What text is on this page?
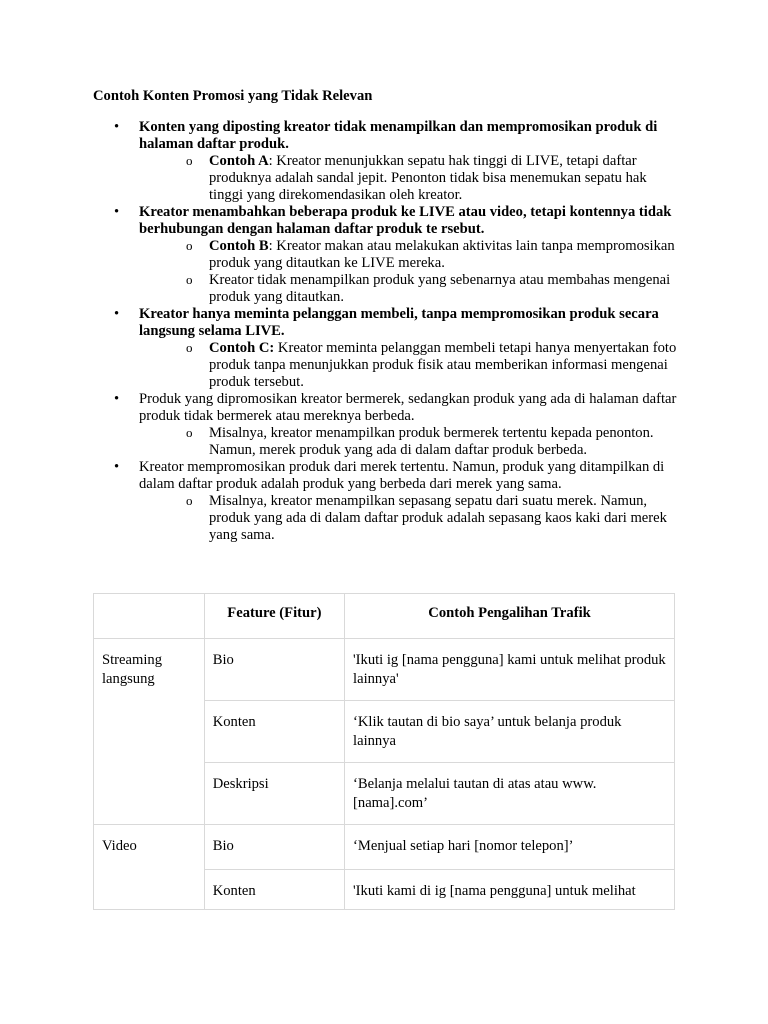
Contoh Konten Promosi yang Tidak Relevan

• Konten yang diposting kreator tidak menampilkan dan mempromosikan produk di halaman daftar produk.
o Contoh A: Kreator menunjukkan sepatu hak tinggi di LIVE, tetapi daftar produknya adalah sandal jepit. Penonton tidak bisa menemukan sepatu hak tinggi yang direkomendasikan oleh kreator.
• Kreator menambahkan beberapa produk ke LIVE atau video, tetapi kontennya tidak berhubungan dengan halaman daftar produk te rsebut.
o Contoh B: Kreator makan atau melakukan aktivitas lain tanpa mempromosikan produk yang ditautkan ke LIVE mereka.
o Kreator tidak menampilkan produk yang sebenarnya atau membahas mengenai produk yang ditautkan.
• Kreator hanya meminta pelanggan membeli, tanpa mempromosikan produk secara langsung selama LIVE.
o Contoh C: Kreator meminta pelanggan membeli tetapi hanya menyertakan foto produk tanpa menunjukkan produk fisik atau memberikan informasi mengenai produk tersebut.
• Produk yang dipromosikan kreator bermerek, sedangkan produk yang ada di halaman daftar produk tidak bermerek atau mereknya berbeda.
o Misalnya, kreator menampilkan produk bermerek tertentu kepada penonton. Namun, merek produk yang ada di dalam daftar produk berbeda.
• Kreator mempromosikan produk dari merek tertentu. Namun, produk yang ditampilkan di dalam daftar produk adalah produk yang berbeda dari merek yang sama.
o Misalnya, kreator menampilkan sepasang sepatu dari suatu merek. Namun, produk yang ada di dalam daftar produk adalah sepasang kaos kaki dari merek yang sama.
	Feature (Fitur)	Contoh Pengalihan Trafik
Streaming langsung	Bio	'Ikuti ig [nama pengguna] kami untuk melihat produk lainnya'
	Konten	‘Klik tautan di bio saya’ untuk belanja produk lainnya
	Deskripsi	‘Belanja melalui tautan di atas atau www.[nama].com’
Video	Bio	‘Menjual setiap hari [nomor telepon]’

	Konten	'Ikuti kami di ig [nama pengguna] untuk melihat
